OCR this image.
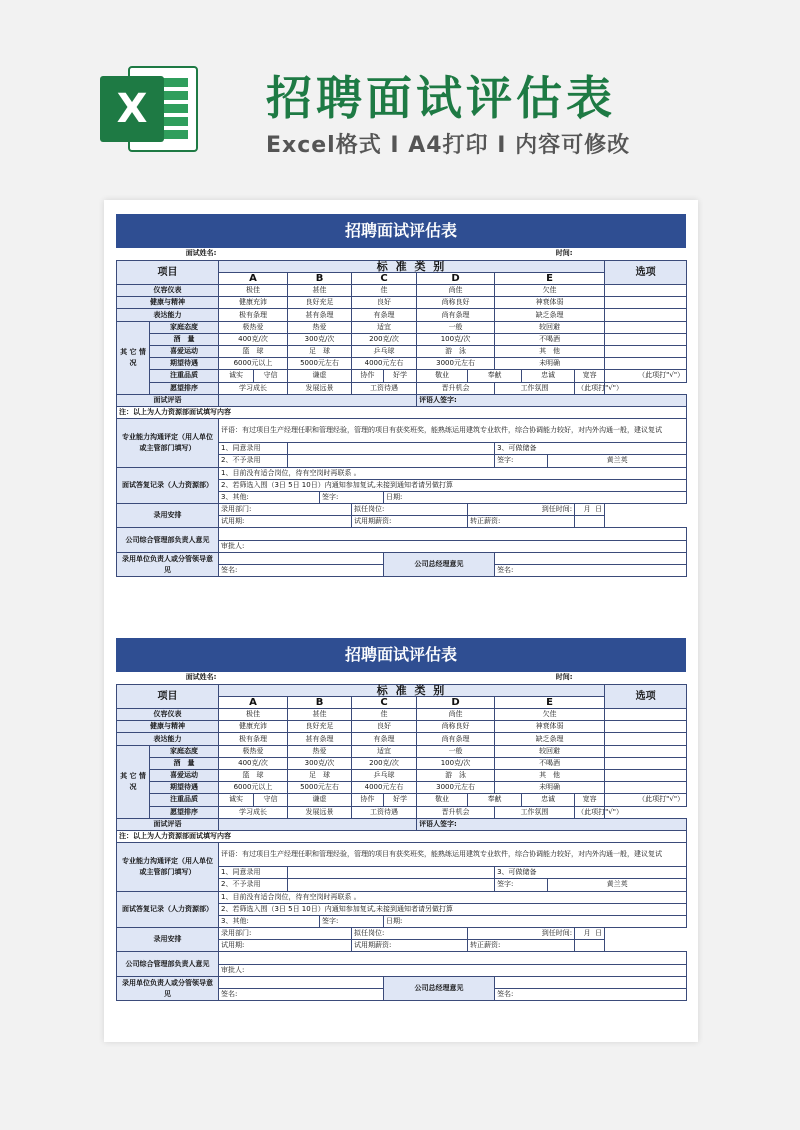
X	招聘面试评估表
Excel格式 I A4打印 I 内容可修改
招聘面试评估表
面试姓名:												时间:		
项目		标 准 类 别												选项
		A		B		C		D		E				
仪容仪表		极佳		甚佳		佳		尚佳		欠佳				
健康与精神		健康充沛		良好充足		良好		尚称良好		神衰体弱				
表达能力		极有条理		甚有条理		有条理		尚有条理		缺乏条理				
其 它 情 况	家庭态度	极热爱		热爱		适宜		一般		较回避				
	酒　量	400克/次		300克/次		200克/次		100克/次		不喝酒				
	喜爱运动	篮　球		足　球		乒乓球		游　泳		其　他				
	期望待遇	6000元以上		5000元左右		4000元左右		3000元左右		未明确				
	注重品质	诚实	守信	谦虚		协作	好学	敬业	奉献		忠诚		宽容	（此项打"√"）
	愿望排序	学习成长		发展远景		工资待遇		晋升机会		工作氛围			（此项打"√"）	
面试评语								评语人签字:						
注：以上为人力资源部面试填写内容														
专业能力沟通评定（用人单位或主管部门填写）		评语：有过项目生产经理任职和管理经验，管理的项目有获奖班奖，能熟练运用建筑专业软件，综合协调能力较好，对内外沟通一般，建议复试												

		1、同意录用								3、可做储备				
		2、不予录用								签字:		黄兰英		
面试答复记录（人力资源部）		1、目前没有适合岗位，待有空岗时再联系 。												
		2、若筛选入围（3日 5日 10日）内通知参加复试,未接到通知者请另做打算												
		3、其他:			签字:		日期:							
录用安排		录用部门:				拟任岗位:			到任时间:				月 日	
		试用期:				试用期薪资:			转正薪资:					
公司综合管理部负责人意见														
		审批人:												
录用单位负责人或分管领导意见							公司总经理意见							
		签名:								签名:				
招聘面试评估表
面试姓名:												时间:		
项目		标 准 类 别												选项
		A		B		C		D		E				
仪容仪表		极佳		甚佳		佳		尚佳		欠佳				
健康与精神		健康充沛		良好充足		良好		尚称良好		神衰体弱				
表达能力		极有条理		甚有条理		有条理		尚有条理		缺乏条理				
其 它 情 况	家庭态度	极热爱		热爱		适宜		一般		较回避				
	酒　量	400克/次		300克/次		200克/次		100克/次		不喝酒				
	喜爱运动	篮　球		足　球		乒乓球		游　泳		其　他				
	期望待遇	6000元以上		5000元左右		4000元左右		3000元左右		未明确				
	注重品质	诚实	守信	谦虚		协作	好学	敬业	奉献		忠诚		宽容	（此项打"√"）
	愿望排序	学习成长		发展远景		工资待遇		晋升机会		工作氛围			（此项打"√"）	
面试评语								评语人签字:						
注：以上为人力资源部面试填写内容														
专业能力沟通评定（用人单位或主管部门填写）		评语：有过项目生产经理任职和管理经验，管理的项目有获奖班奖，能熟练运用建筑专业软件，综合协调能力较好，对内外沟通一般，建议复试												

		1、同意录用								3、可做储备				
		2、不予录用								签字:		黄兰英		
面试答复记录（人力资源部）		1、目前没有适合岗位，待有空岗时再联系 。												
		2、若筛选入围（3日 5日 10日）内通知参加复试,未接到通知者请另做打算												
		3、其他:			签字:		日期:							
录用安排		录用部门:				拟任岗位:			到任时间:				月 日	
		试用期:				试用期薪资:			转正薪资:					
公司综合管理部负责人意见														
		审批人:												
录用单位负责人或分管领导意见							公司总经理意见							
		签名:								签名:				
